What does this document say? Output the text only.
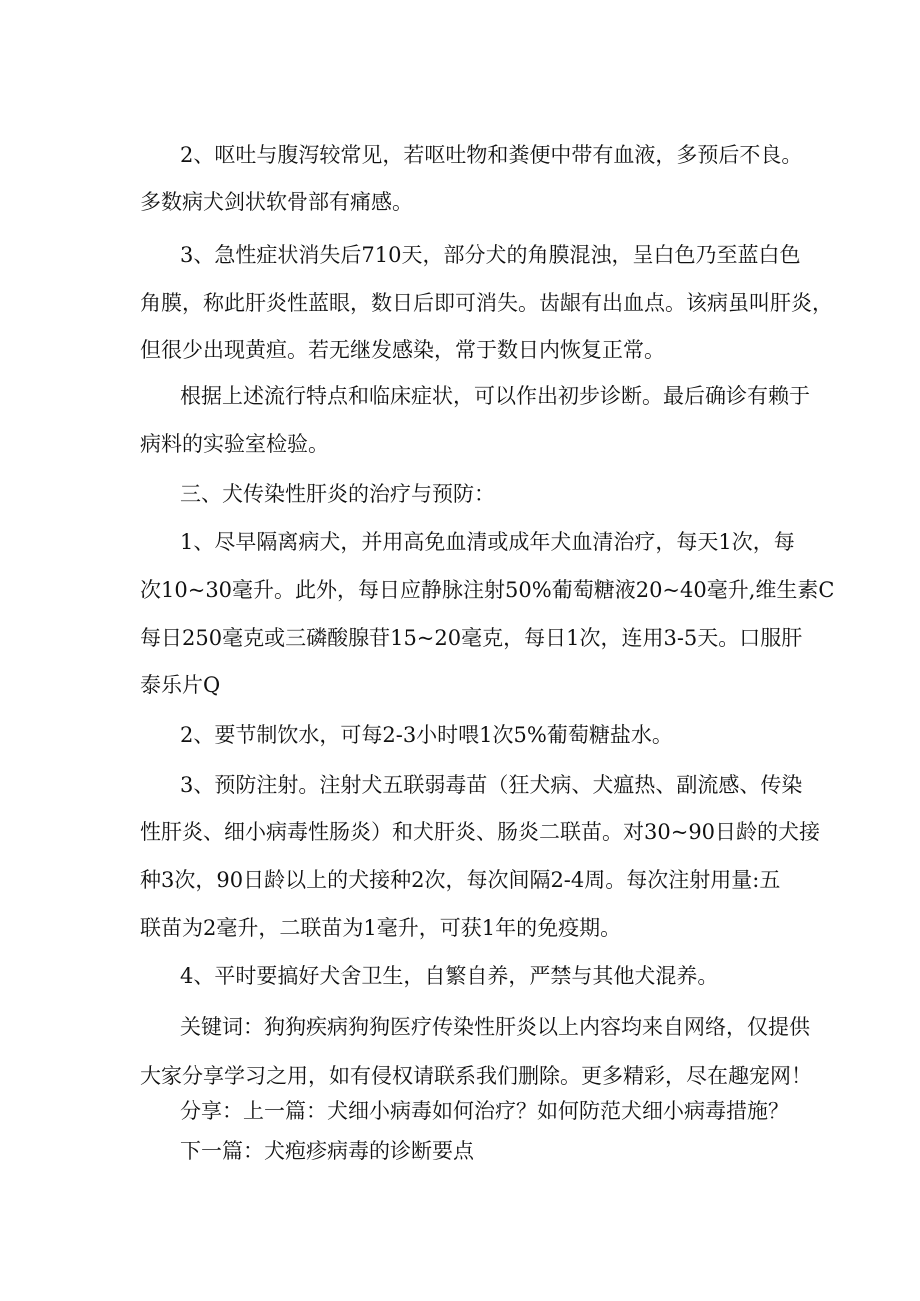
2、呕吐与腹泻较常见，若呕吐物和粪便中带有血液，多预后不良。
多数病犬剑状软骨部有痛感。
3、急性症状消失后710天，部分犬的角膜混浊，呈白色乃至蓝白色
角膜，称此肝炎性蓝眼，数日后即可消失。齿龈有出血点。该病虽叫肝炎，
但很少出现黄疸。若无继发感染，常于数日内恢复正常。
根据上述流行特点和临床症状，可以作出初步诊断。最后确诊有赖于
病料的实验室检验。
三、犬传染性肝炎的治疗与预防：
1、尽早隔离病犬，并用高免血清或成年犬血清治疗，每天1次，每
次10~30毫升。此外，每日应静脉注射50%葡萄糖液20~40毫升,维生素C
每日250毫克或三磷酸腺苷15~20毫克，每日1次，连用3-5天。口服肝
泰乐片Q
2、要节制饮水，可每2-3小时喂1次5%葡萄糖盐水。
3、预防注射。注射犬五联弱毒苗（狂犬病、犬瘟热、副流感、传染
性肝炎、细小病毒性肠炎）和犬肝炎、肠炎二联苗。对30~90日龄的犬接
种3次，90日龄以上的犬接种2次，每次间隔2-4周。每次注射用量:五
联苗为2毫升，二联苗为1毫升，可获1年的免疫期。
4、平时要搞好犬舍卫生，自繁自养，严禁与其他犬混养。
关键词：狗狗疾病狗狗医疗传染性肝炎以上内容均来自网络，仅提供
大家分享学习之用，如有侵权请联系我们删除。更多精彩，尽在趣宠网！
分享：上一篇：犬细小病毒如何治疗？如何防范犬细小病毒措施？
下一篇：犬疱疹病毒的诊断要点
